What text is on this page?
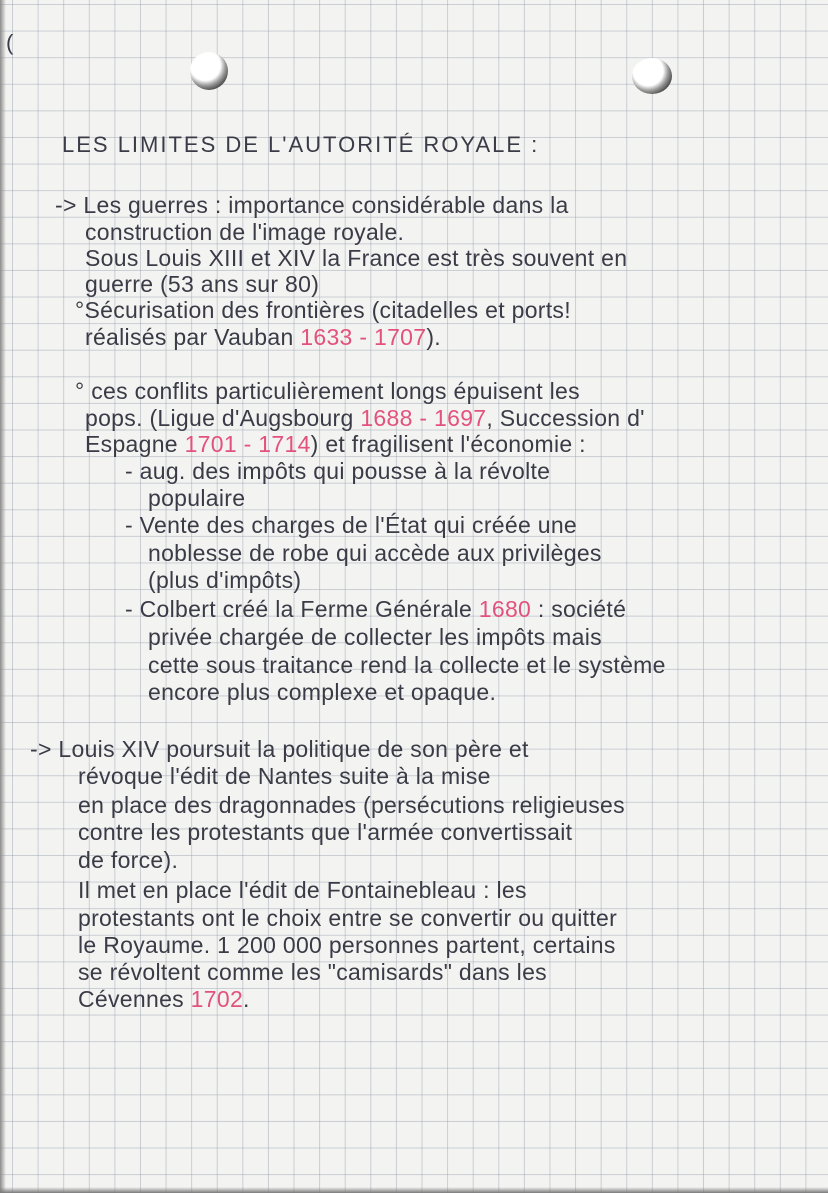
(
LES LIMITES DE L'AUTORITÉ ROYALE :
-> Les guerres : importance considérable dans la
construction de l'image royale.
Sous Louis XIII et XIV la France est très souvent en
guerre (53 ans sur 80)
°Sécurisation des frontières (citadelles et ports!
réalisés par Vauban 1633 - 1707).
° ces conflits particulièrement longs épuisent les
pops. (Ligue d'Augsbourg 1688 - 1697, Succession d'
Espagne 1701 - 1714) et fragilisent l'économie :
- aug. des impôts qui pousse à la révolte
populaire
- Vente des charges de l'État qui créée une
noblesse de robe qui accède aux privilèges
(plus d'impôts)
- Colbert créé la Ferme Générale 1680 : société
privée chargée de collecter les impôts mais
cette sous traitance rend la collecte et le système
encore plus complexe et opaque.
-> Louis XIV poursuit la politique de son père et
révoque l'édit de Nantes suite à la mise
en place des dragonnades (persécutions religieuses
contre les protestants que l'armée convertissait
de force).
Il met en place l'édit de Fontainebleau : les
protestants ont le choix entre se convertir ou quitter
le Royaume. 1 200 000 personnes partent, certains
se révoltent comme les "camisards" dans les
Cévennes 1702.
